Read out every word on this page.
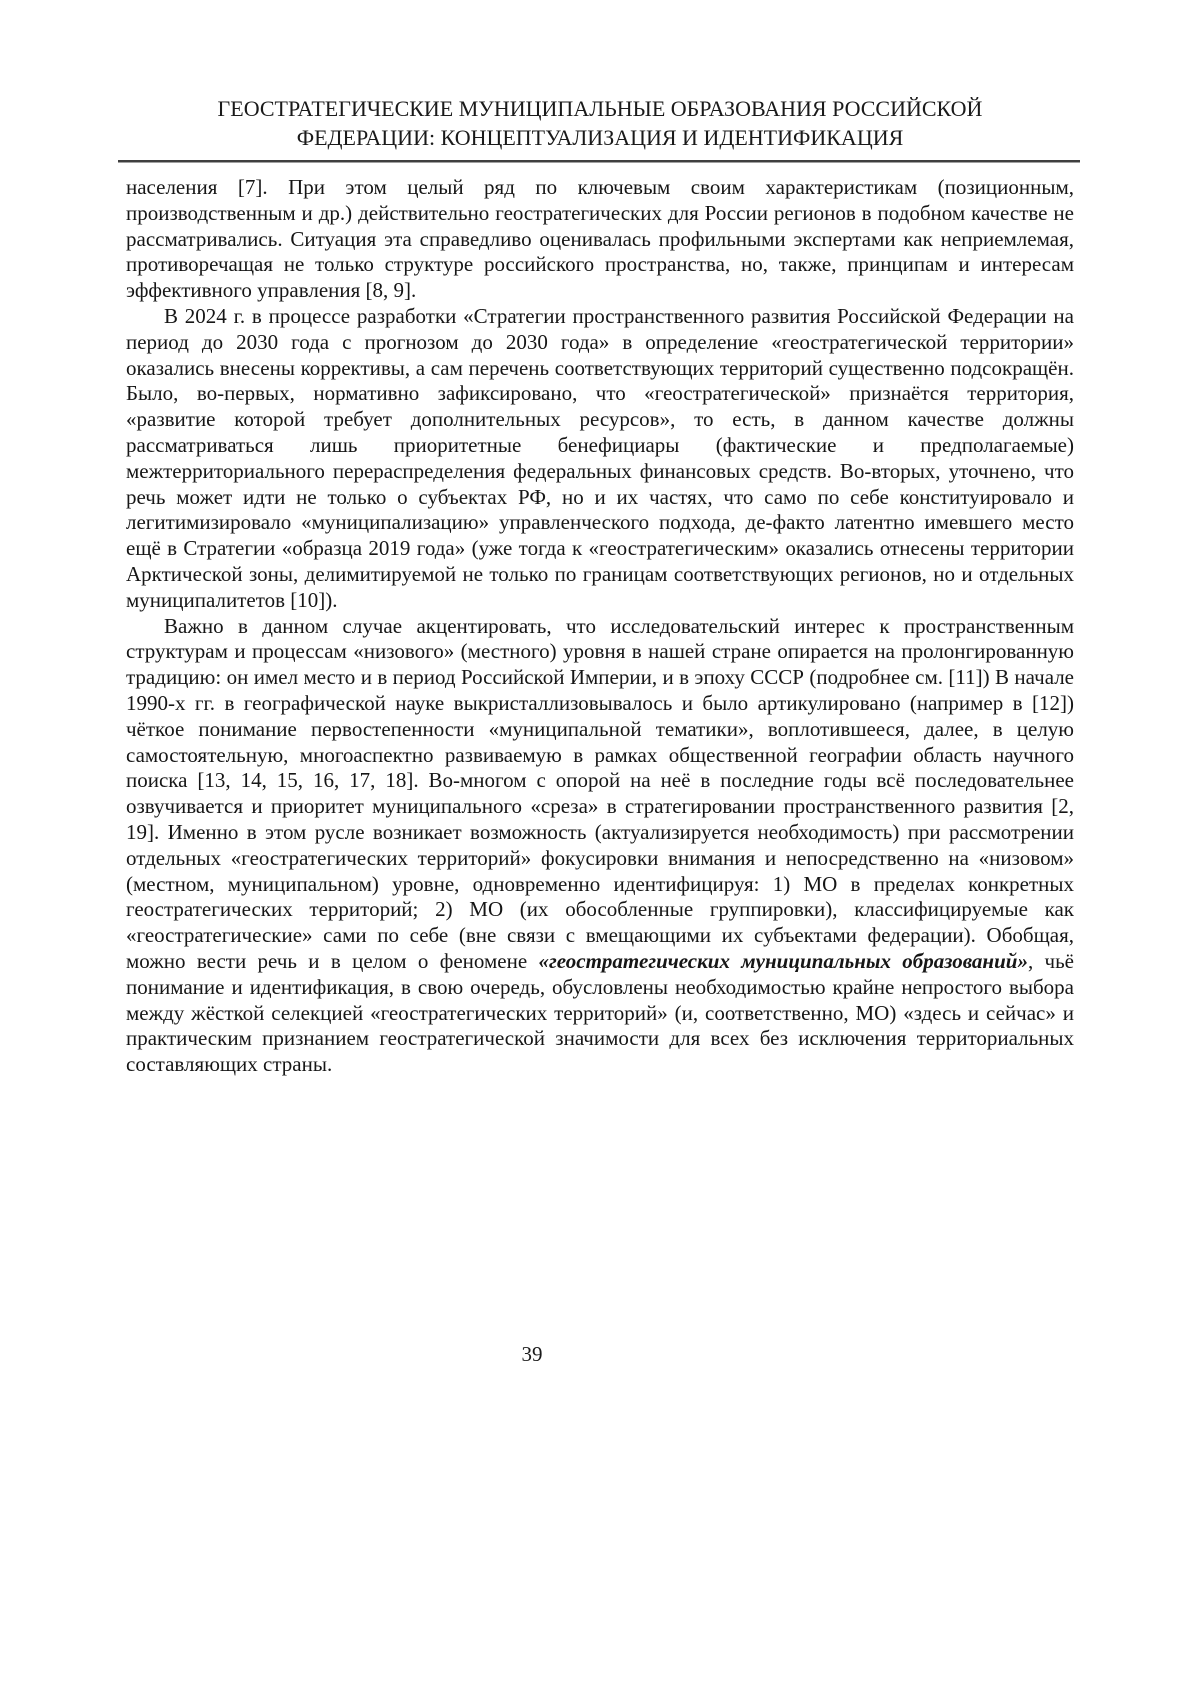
ГЕОСТРАТЕГИЧЕСКИЕ МУНИЦИПАЛЬНЫЕ ОБРАЗОВАНИЯ РОССИЙСКОЙ
ФЕДЕРАЦИИ: КОНЦЕПТУАЛИЗАЦИЯ И ИДЕНТИФИКАЦИЯ

населения [7]. При этом целый ряд по ключевым своим характеристикам (позиционным, производственным и др.) действительно геостратегических для России регионов в подобном качестве не рассматривались. Ситуация эта справедливо оценивалась профильными экспертами как неприемлемая, противоречащая не только структуре российского пространства, но, также, принципам и интересам эффективного управления [8, 9].

В 2024 г. в процессе разработки «Стратегии пространственного развития Российской Федерации на период до 2030 года с прогнозом до 2030 года» в определение «геостратегической территории» оказались внесены коррективы, а сам перечень соответствующих территорий существенно подсокращён. Было, во-первых, нормативно зафиксировано, что «геостратегической» признаётся территория, «развитие которой требует дополнительных ресурсов», то есть, в данном качестве должны рассматриваться лишь приоритетные бенефициары (фактические и предполагаемые) межтерриториального перераспределения федеральных финансовых средств. Во-вторых, уточнено, что речь может идти не только о субъектах РФ, но и их частях, что само по себе конституировало и легитимизировало «муниципализацию» управленческого подхода, де-факто латентно имевшего место ещё в Стратегии «образца 2019 года» (уже тогда к «геостратегическим» оказались отнесены территории Арктической зоны, делимитируемой не только по границам соответствующих регионов, но и отдельных муниципалитетов [10]).

Важно в данном случае акцентировать, что исследовательский интерес к пространственным структурам и процессам «низового» (местного) уровня в нашей стране опирается на пролонгированную традицию: он имел место и в период Российской Империи, и в эпоху СССР (подробнее см. [11]) В начале 1990-х гг. в географической науке выкристаллизовывалось и было артикулировано (например в [12]) чёткое понимание первостепенности «муниципальной тематики», воплотившееся, далее, в целую самостоятельную, многоаспектно развиваемую в рамках общественной географии область научного поиска [13, 14, 15, 16, 17, 18]. Во-многом с опорой на неё в последние годы всё последовательнее озвучивается и приоритет муниципального «среза» в стратегировании пространственного развития [2, 19]. Именно в этом русле возникает возможность (актуализируется необходимость) при рассмотрении отдельных «геостратегических территорий» фокусировки внимания и непосредственно на «низовом» (местном, муниципальном) уровне, одновременно идентифицируя: 1) МО в пределах конкретных геостратегических территорий; 2) МО (их обособленные группировки), классифицируемые как «геостратегические» сами по себе (вне связи с вмещающими их субъектами федерации). Обобщая, можно вести речь и в целом о феномене «геостратегических муниципальных образований», чьё понимание и идентификация, в свою очередь, обусловлены необходимостью крайне непростого выбора между жёсткой селекцией «геостратегических территорий» (и, соответственно, МО) «здесь и сейчас» и практическим признанием геостратегической значимости для всех без исключения территориальных составляющих страны.

39
